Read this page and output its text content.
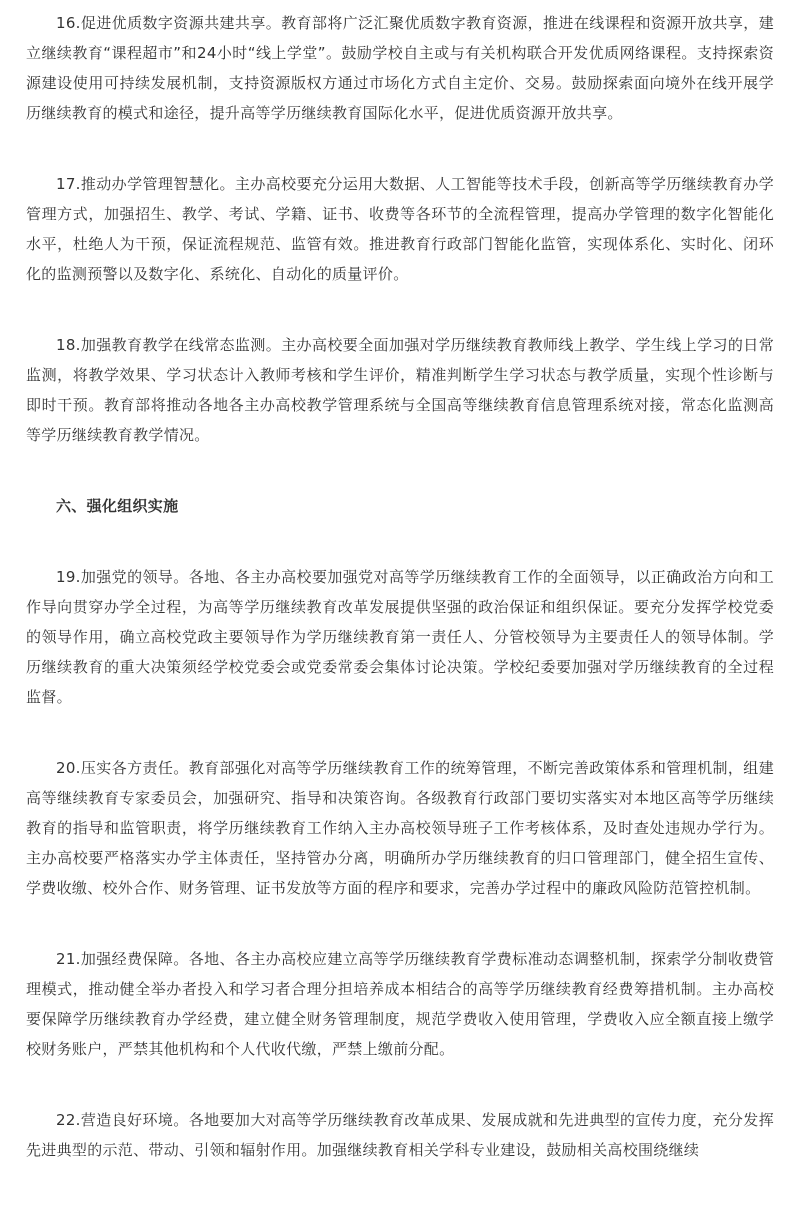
16.促进优质数字资源共建共享。教育部将广泛汇聚优质数字教育资源，推进在线课程和资源开放共享，建立继续教育“课程超市”和24小时“线上学堂”。鼓励学校自主或与有关机构联合开发优质网络课程。支持探索资源建设使用可持续发展机制，支持资源版权方通过市场化方式自主定价、交易。鼓励探索面向境外在线开展学历继续教育的模式和途径，提升高等学历继续教育国际化水平，促进优质资源开放共享。

17.推动办学管理智慧化。主办高校要充分运用大数据、人工智能等技术手段，创新高等学历继续教育办学管理方式，加强招生、教学、考试、学籍、证书、收费等各环节的全流程管理，提高办学管理的数字化智能化水平，杜绝人为干预，保证流程规范、监管有效。推进教育行政部门智能化监管，实现体系化、实时化、闭环化的监测预警以及数字化、系统化、自动化的质量评价。

18.加强教育教学在线常态监测。主办高校要全面加强对学历继续教育教师线上教学、学生线上学习的日常监测，将教学效果、学习状态计入教师考核和学生评价，精准判断学生学习状态与教学质量，实现个性诊断与即时干预。教育部将推动各地各主办高校教学管理系统与全国高等继续教育信息管理系统对接，常态化监测高等学历继续教育教学情况。

六、强化组织实施

19.加强党的领导。各地、各主办高校要加强党对高等学历继续教育工作的全面领导，以正确政治方向和工作导向贯穿办学全过程，为高等学历继续教育改革发展提供坚强的政治保证和组织保证。要充分发挥学校党委的领导作用，确立高校党政主要领导作为学历继续教育第一责任人、分管校领导为主要责任人的领导体制。学历继续教育的重大决策须经学校党委会或党委常委会集体讨论决策。学校纪委要加强对学历继续教育的全过程监督。

20.压实各方责任。教育部强化对高等学历继续教育工作的统筹管理，不断完善政策体系和管理机制，组建高等继续教育专家委员会，加强研究、指导和决策咨询。各级教育行政部门要切实落实对本地区高等学历继续教育的指导和监管职责，将学历继续教育工作纳入主办高校领导班子工作考核体系，及时查处违规办学行为。主办高校要严格落实办学主体责任，坚持管办分离，明确所办学历继续教育的归口管理部门，健全招生宣传、学费收缴、校外合作、财务管理、证书发放等方面的程序和要求，完善办学过程中的廉政风险防范管控机制。

21.加强经费保障。各地、各主办高校应建立高等学历继续教育学费标准动态调整机制，探索学分制收费管理模式，推动健全举办者投入和学习者合理分担培养成本相结合的高等学历继续教育经费筹措机制。主办高校要保障学历继续教育办学经费，建立健全财务管理制度，规范学费收入使用管理，学费收入应全额直接上缴学校财务账户，严禁其他机构和个人代收代缴，严禁上缴前分配。

22.营造良好环境。各地要加大对高等学历继续教育改革成果、发展成就和先进典型的宣传力度，充分发挥先进典型的示范、带动、引领和辐射作用。加强继续教育相关学科专业建设，鼓励相关高校围绕继续
